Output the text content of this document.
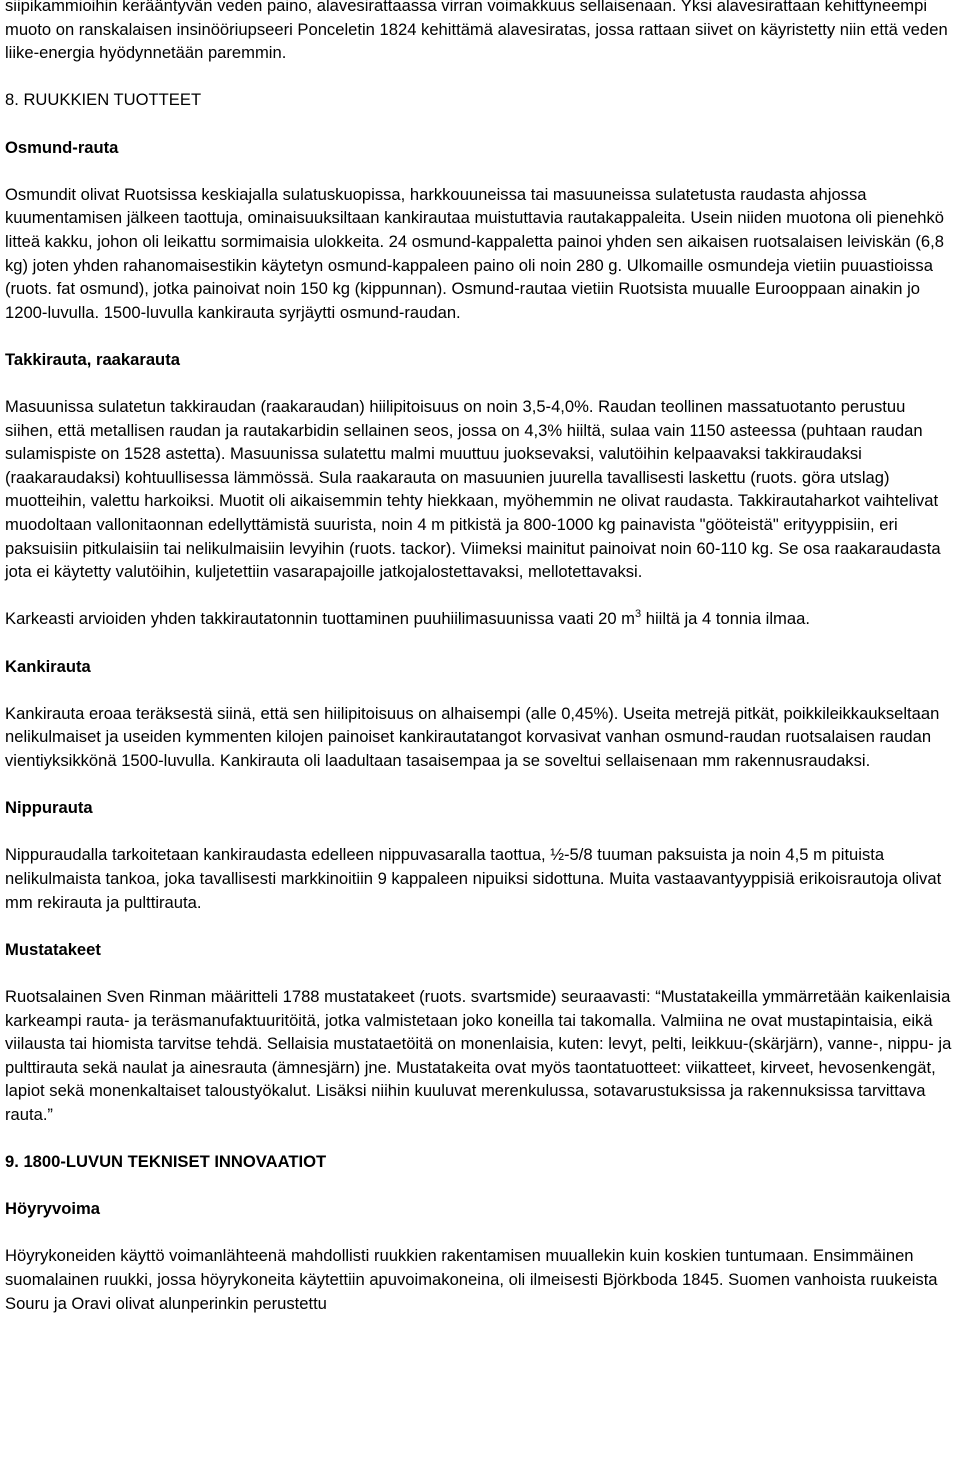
siipikammioihin kerääntyvän veden paino, alavesirattaassa virran voimakkuus sellaisenaan. Yksi alavesirattaan kehittyneempi muoto on ranskalaisen insinööriupseeri Ponceletin 1824 kehittämä alavesiratas, jossa rattaan siivet on käyristetty niin että veden liike-energia hyödynnetään paremmin.

8. RUUKKIEN TUOTTEET
Osmund-rauta

Osmundit olivat Ruotsissa keskiajalla sulatuskuopissa, harkkouuneissa tai masuuneissa sulatetusta raudasta ahjossa kuumentamisen jälkeen taottuja, ominaisuuksiltaan kankirautaa muistuttavia rautakappaleita. Usein niiden muotona oli pienehkö litteä kakku, johon oli leikattu sormimaisia ulokkeita. 24 osmund-kappaletta painoi yhden sen aikaisen ruotsalaisen leiviskän (6,8 kg) joten yhden rahanomaisestikin käytetyn osmund-kappaleen paino oli noin 280 g. Ulkomaille osmundeja vietiin puuastioissa (ruots. fat osmund), jotka painoivat noin 150 kg (kippunnan). Osmund-rautaa vietiin Ruotsista muualle Eurooppaan ainakin jo 1200-luvulla. 1500-luvulla kankirauta syrjäytti osmund-raudan.

Takkirauta, raakarauta

Masuunissa sulatetun takkiraudan (raakaraudan) hiilipitoisuus on noin 3,5-4,0%. Raudan teollinen massatuotanto perustuu siihen, että metallisen raudan ja rautakarbidin sellainen seos, jossa on 4,3% hiiltä, sulaa vain 1150 asteessa (puhtaan raudan sulamispiste on 1528 astetta). Masuunissa sulatettu malmi muuttuu juoksevaksi, valutöihin kelpaavaksi takkiraudaksi (raakaraudaksi) kohtuullisessa lämmössä. Sula raakarauta on masuunien juurella tavallisesti laskettu (ruots. göra utslag) muotteihin, valettu harkoiksi. Muotit oli aikaisemmin tehty hiekkaan, myöhemmin ne olivat raudasta. Takkirautaharkot vaihtelivat muodoltaan vallonitaonnan edellyttämistä suurista, noin 4 m pitkistä ja 800-1000 kg painavista "gööteistä" erityyppisiin, eri paksuisiin pitkulaisiin tai nelikulmaisiin levyihin (ruots. tackor). Viimeksi mainitut painoivat noin 60-110 kg. Se osa raakaraudasta jota ei käytetty valutöihin, kuljetettiin vasarapajoille jatkojalostettavaksi, mellotettavaksi.

Karkeasti arvioiden yhden takkirautatonnin tuottaminen puuhiilimasuunissa vaati 20 $m^3$ hiiltä ja 4 tonnia ilmaa.

Kankirauta

Kankirauta eroaa teräksestä siinä, että sen hiilipitoisuus on alhaisempi (alle 0,45%). Useita metrejä pitkät, poikkileikkaukseltaan nelikulmaiset ja useiden kymmenten kilojen painoiset kankirautatangot korvasivat vanhan osmund-raudan ruotsalaisen raudan vientiyksikkönä 1500-luvulla. Kankirauta oli laadultaan tasaisempaa ja se soveltui sellaisenaan mm rakennusraudaksi.

Nippurauta

Nippuraudalla tarkoitetaan kankiraudasta edelleen nippuvasaralla taottua, ½-5/8 tuuman paksuista ja noin 4,5 m pituista nelikulmaista tankoa, joka tavallisesti markkinoitiin 9 kappaleen nipuiksi sidottuna. Muita vastaavantyyppisiä erikoisrautoja olivat mm rekirauta ja pulttirauta.

Mustatakeet

Ruotsalainen Sven Rinman määritteli 1788 mustatakeet (ruots. svartsmide) seuraavasti: “Mustatakeilla ymmärretään kaikenlaisia karkeampi rauta- ja teräsmanufaktuuritöitä, jotka valmistetaan joko koneilla tai takomalla. Valmiina ne ovat mustapintaisia, eikä viilausta tai hiomista tarvitse tehdä. Sellaisia mustataetöitä on monenlaisia, kuten: levyt, pelti, leikkuu-(skärjärn), vanne-, nippu- ja pulttirauta sekä naulat ja ainesrauta (ämnesjärn) jne. Mustatakeita ovat myös taontatuotteet: viikatteet, kirveet, hevosenkengät, lapiot sekä monenkaltaiset taloustyökalut. Lisäksi niihin kuuluvat merenkulussa, sotavarustuksissa ja rakennuksissa tarvittava rauta.”

9. 1800-LUVUN TEKNISET INNOVAATIOT
Höyryvoima

Höyrykoneiden käyttö voimanlähteenä mahdollisti ruukkien rakentamisen muuallekin kuin koskien tuntumaan. Ensimmäinen suomalainen ruukki, jossa höyrykoneita käytettiin apuvoimakoneina, oli ilmeisesti Björkboda 1845. Suomen vanhoista ruukeista Souru ja Oravi olivat alunperinkin perustettu
